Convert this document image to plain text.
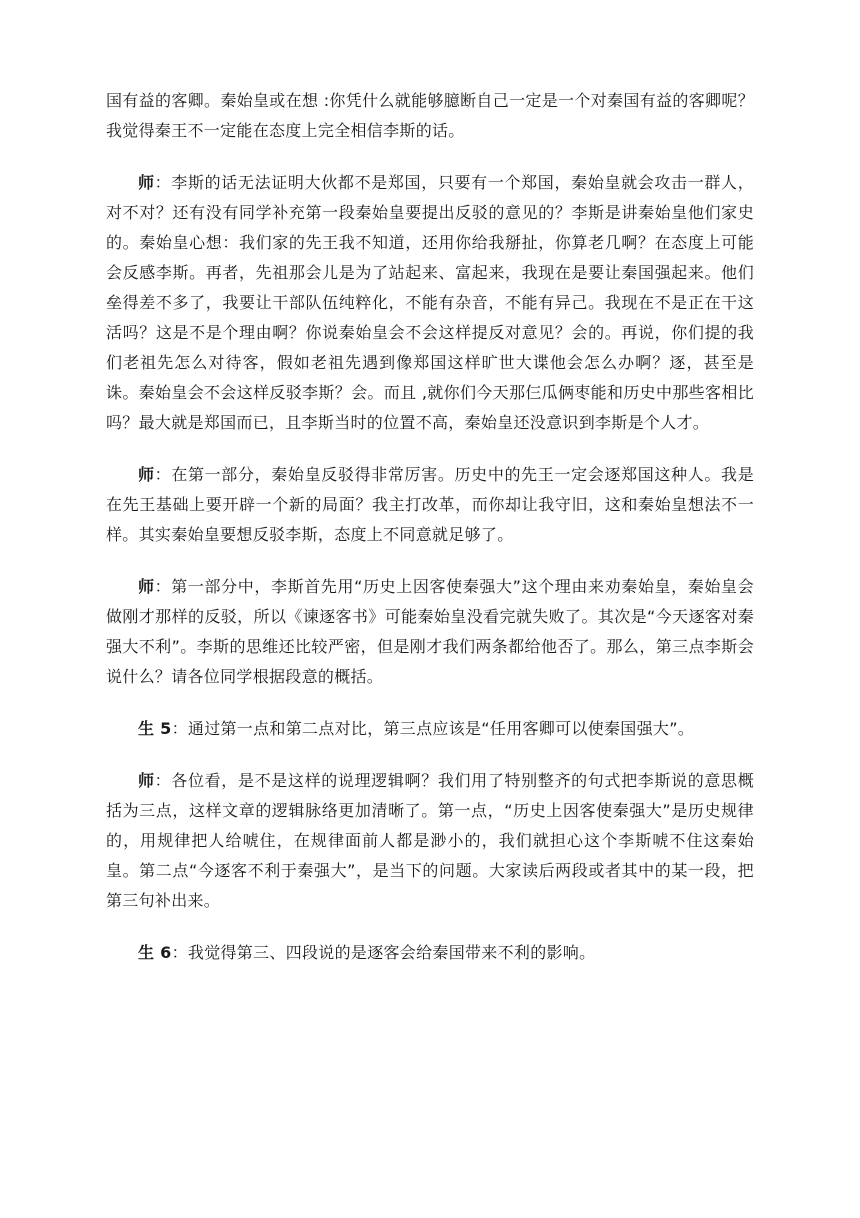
国有益的客卿。秦始皇或在想 :你凭什么就能够臆断自己一定是一个对秦国有益的客卿呢？我觉得秦王不一定能在态度上完全相信李斯的话。

师：李斯的话无法证明大伙都不是郑国，只要有一个郑国，秦始皇就会攻击一群人，对不对？还有没有同学补充第一段秦始皇要提出反驳的意见的？李斯是讲秦始皇他们家史的。秦始皇心想：我们家的先王我不知道，还用你给我掰扯，你算老几啊？在态度上可能会反感李斯。再者，先祖那会儿是为了站起来、富起来，我现在是要让秦国强起来。他们垒得差不多了，我要让干部队伍纯粹化，不能有杂音，不能有异己。我现在不是正在干这活吗？这是不是个理由啊？你说秦始皇会不会这样提反对意见？会的。再说，你们提的我们老祖先怎么对待客，假如老祖先遇到像郑国这样旷世大谍他会怎么办啊？逐，甚至是诛。秦始皇会不会这样反驳李斯？会。而且 ,就你们今天那仨瓜俩枣能和历史中那些客相比吗？最大就是郑国而已，且李斯当时的位置不高，秦始皇还没意识到李斯是个人才。

师：在第一部分，秦始皇反驳得非常厉害。历史中的先王一定会逐郑国这种人。我是在先王基础上要开辟一个新的局面？我主打改革，而你却让我守旧，这和秦始皇想法不一样。其实秦始皇要想反驳李斯，态度上不同意就足够了。

师：第一部分中，李斯首先用“历史上因客使秦强大”这个理由来劝秦始皇，秦始皇会做刚才那样的反驳，所以《谏逐客书》可能秦始皇没看完就失败了。其次是“今天逐客对秦强大不利”。李斯的思维还比较严密，但是刚才我们两条都给他否了。那么，第三点李斯会说什么？请各位同学根据段意的概括。

生 5：通过第一点和第二点对比，第三点应该是“任用客卿可以使秦国强大”。

师：各位看，是不是这样的说理逻辑啊？我们用了特别整齐的句式把李斯说的意思概括为三点，这样文章的逻辑脉络更加清晰了。第一点，“历史上因客使秦强大”是历史规律的，用规律把人给唬住，在规律面前人都是渺小的，我们就担心这个李斯唬不住这秦始皇。第二点“今逐客不利于秦强大”，是当下的问题。大家读后两段或者其中的某一段，把第三句补出来。

生 6：我觉得第三、四段说的是逐客会给秦国带来不利的影响。
